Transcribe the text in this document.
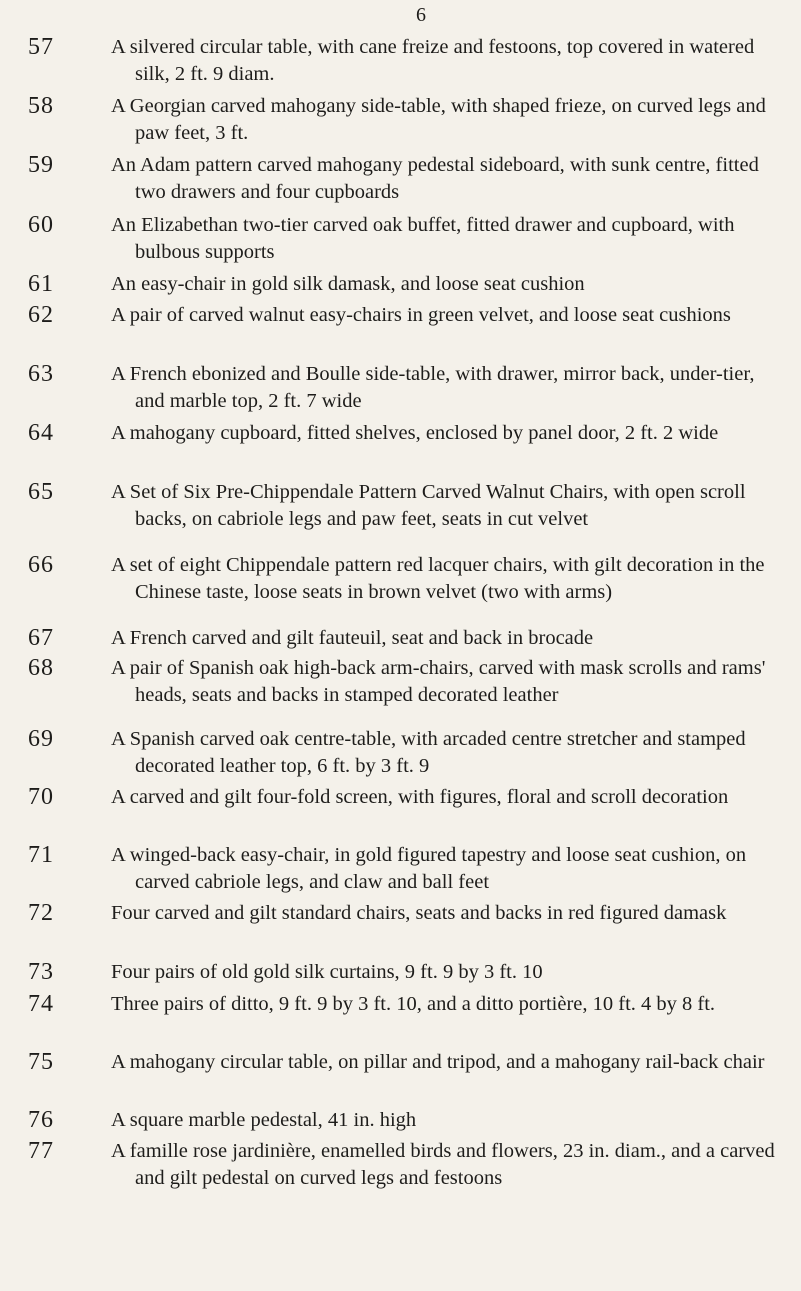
6
57	A silvered circular table, with cane freize and festoons, top covered in watered silk, 2 ft. 9 diam.
58	A Georgian carved mahogany side-table, with shaped frieze, on curved legs and paw feet, 3 ft.
59	An Adam pattern carved mahogany pedestal sideboard, with sunk centre, fitted two drawers and four cupboards
60	An Elizabethan two-tier carved oak buffet, fitted drawer and cupboard, with bulbous supports
61	An easy-chair in gold silk damask, and loose seat cushion
62	A pair of carved walnut easy-chairs in green velvet, and loose seat cushions
63	A French ebonized and Boulle side-table, with drawer, mirror back, under-tier, and marble top, 2 ft. 7 wide
64	A mahogany cupboard, fitted shelves, enclosed by panel door, 2 ft. 2 wide
65	A Set of Six Pre-Chippendale Pattern Carved Walnut Chairs, with open scroll backs, on cabriole legs and paw feet, seats in cut velvet
66	A set of eight Chippendale pattern red lacquer chairs, with gilt decoration in the Chinese taste, loose seats in brown velvet (two with arms)
67	A French carved and gilt fauteuil, seat and back in brocade
68	A pair of Spanish oak high-back arm-chairs, carved with mask scrolls and rams' heads, seats and backs in stamped decorated leather
69	A Spanish carved oak centre-table, with arcaded centre stretcher and stamped decorated leather top, 6 ft. by 3 ft. 9
70	A carved and gilt four-fold screen, with figures, floral and scroll decoration
71	A winged-back easy-chair, in gold figured tapestry and loose seat cushion, on carved cabriole legs, and claw and ball feet
72	Four carved and gilt standard chairs, seats and backs in red figured damask
73	Four pairs of old gold silk curtains, 9 ft. 9 by 3 ft. 10
74	Three pairs of ditto, 9 ft. 9 by 3 ft. 10, and a ditto portière, 10 ft. 4 by 8 ft.
75	A mahogany circular table, on pillar and tripod, and a mahogany rail-back chair
76	A square marble pedestal, 41 in. high
77	A famille rose jardinière, enamelled birds and flowers, 23 in. diam., and a carved and gilt pedestal on curved legs and festoons
